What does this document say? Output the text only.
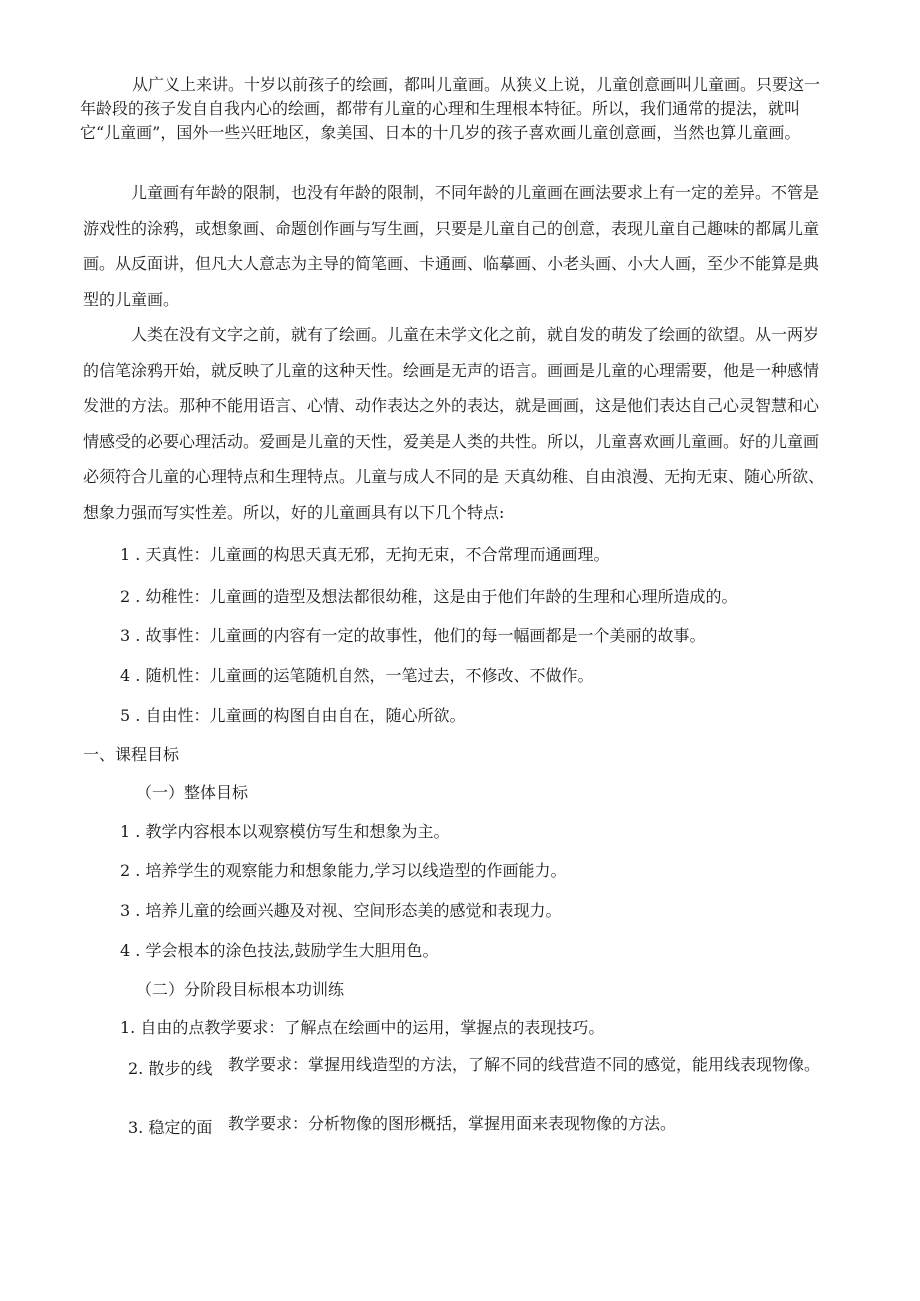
从广义上来讲。十岁以前孩子的绘画，都叫儿童画。从狭义上说，儿童创意画叫儿童画。只要这一年龄段的孩子发自自我内心的绘画，都带有儿童的心理和生理根本特征。所以，我们通常的提法，就叫它“儿童画”，国外一些兴旺地区，象美国、日本的十几岁的孩子喜欢画儿童创意画，当然也算儿童画。

儿童画有年龄的限制，也没有年龄的限制，不同年龄的儿童画在画法要求上有一定的差异。不管是游戏性的涂鸦，或想象画、命题创作画与写生画，只要是儿童自己的创意，表现儿童自己趣味的都属儿童画。从反面讲，但凡大人意志为主导的简笔画、卡通画、临摹画、小老头画、小大人画，至少不能算是典型的儿童画。

人类在没有文字之前，就有了绘画。儿童在未学文化之前，就自发的萌发了绘画的欲望。从一两岁的信笔涂鸦开始，就反映了儿童的这种天性。绘画是无声的语言。画画是儿童的心理需要，他是一种感情发泄的方法。那种不能用语言、心情、动作表达之外的表达，就是画画，这是他们表达自己心灵智慧和心情感受的必要心理活动。爱画是儿童的天性，爱美是人类的共性。所以，儿童喜欢画儿童画。好的儿童画必须符合儿童的心理特点和生理特点。儿童与成人不同的是 天真幼稚、自由浪漫、无拘无束、随心所欲、想象力强而写实性差。所以，好的儿童画具有以下几个特点:

1 . 天真性：儿童画的构思天真无邪，无拘无束，不合常理而通画理。
2 . 幼稚性：儿童画的造型及想法都很幼稚，这是由于他们年龄的生理和心理所造成的。
3 . 故事性：儿童画的内容有一定的故事性，他们的每一幅画都是一个美丽的故事。
4 . 随机性：儿童画的运笔随机自然，一笔过去，不修改、不做作。
5 . 自由性：儿童画的构图自由自在，随心所欲。
一、课程目标
（一）整体目标
1 . 教学内容根本以观察模仿写生和想象为主。
2 . 培养学生的观察能力和想象能力,学习以线造型的作画能力。
3 . 培养儿童的绘画兴趣及对视、空间形态美的感觉和表现力。
4 . 学会根本的涂色技法,鼓励学生大胆用色。
（二）分阶段目标根本功训练
1. 自由的点教学要求：了解点在绘画中的运用，掌握点的表现技巧。
2. 散步的线 教学要求：掌握用线造型的方法，了解不同的线营造不同的感觉，能用线表现物像。

3. 稳定的面 教学要求：分析物像的图形概括，掌握用面来表现物像的方法。
